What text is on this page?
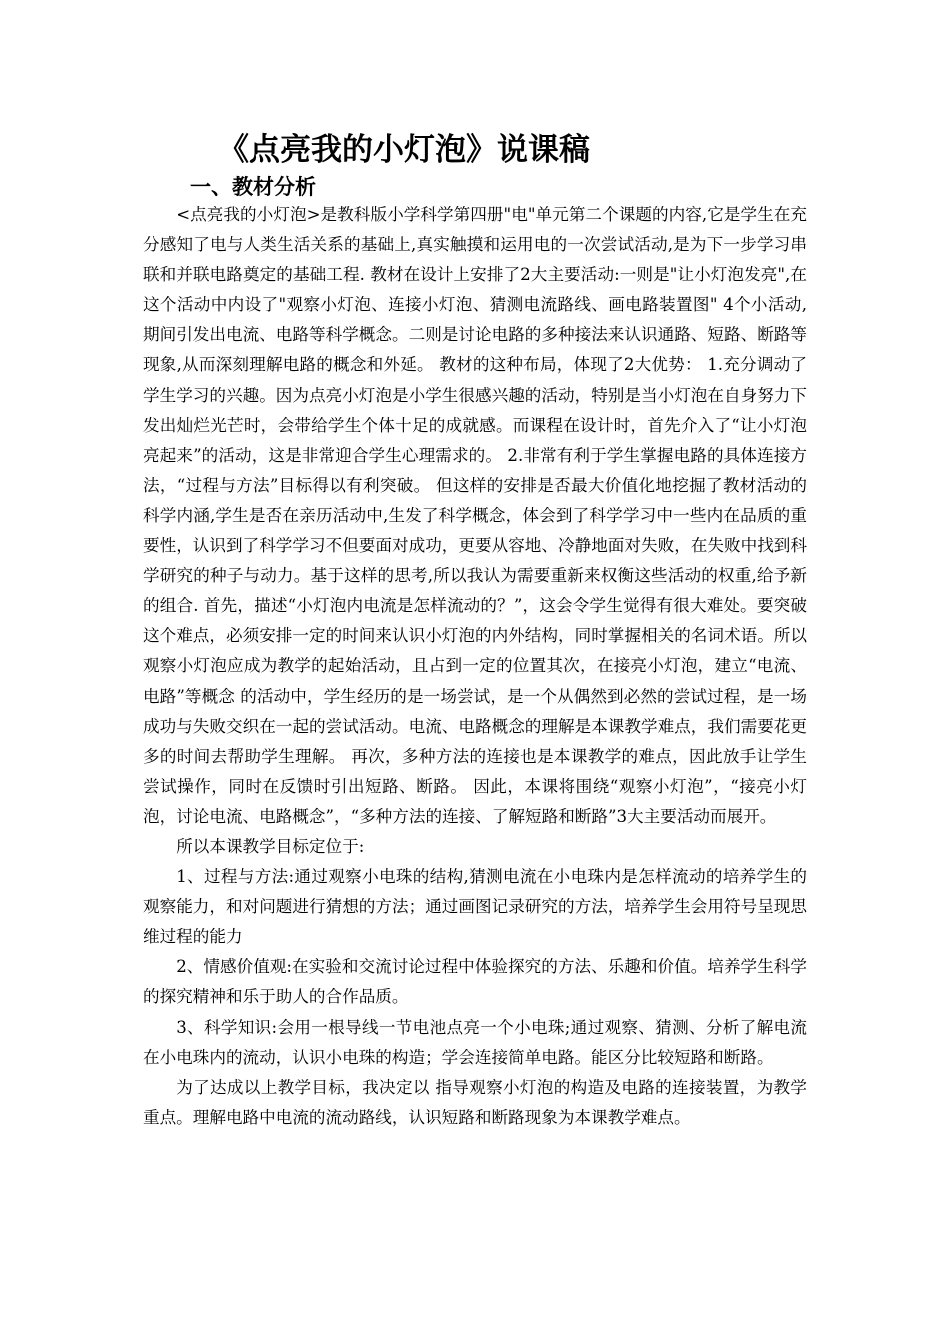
《点亮我的小灯泡》说课稿
一、教材分析

<点亮我的小灯泡>是教科版小学科学第四册"电"单元第二个课题的内容,它是学生在充分感知了电与人类生活关系的基础上,真实触摸和运用电的一次尝试活动,是为下一步学习串联和并联电路奠定的基础工程. 教材在设计上安排了2大主要活动:一则是"让小灯泡发亮",在这个活动中内设了"观察小灯泡、连接小灯泡、猜测电流路线、画电路装置图" 4个小活动,期间引发出电流、电路等科学概念。二则是讨论电路的多种接法来认识通路、短路、断路等现象,从而深刻理解电路的概念和外延。 教材的这种布局，体现了2大优势： 1.充分调动了学生学习的兴趣。因为点亮小灯泡是小学生很感兴趣的活动，特别是当小灯泡在自身努力下发出灿烂光芒时，会带给学生个体十足的成就感。而课程在设计时，首先介入了“让小灯泡亮起来”的活动，这是非常迎合学生心理需求的。 2.非常有利于学生掌握电路的具体连接方法，“过程与方法”目标得以有利突破。 但这样的安排是否最大价值化地挖掘了教材活动的科学内涵,学生是否在亲历活动中,生发了科学概念，体会到了科学学习中一些内在品质的重要性，认识到了科学学习不但要面对成功，更要从容地、冷静地面对失败，在失败中找到科学研究的种子与动力。基于这样的思考,所以我认为需要重新来权衡这些活动的权重,给予新的组合. 首先，描述“小灯泡内电流是怎样流动的？”，这会令学生觉得有很大难处。要突破这个难点，必须安排一定的时间来认识小灯泡的内外结构，同时掌握相关的名词术语。所以观察小灯泡应成为教学的起始活动，且占到一定的位置其次，在接亮小灯泡，建立“电流、电路”等概念 的活动中，学生经历的是一场尝试，是一个从偶然到必然的尝试过程，是一场成功与失败交织在一起的尝试活动。电流、电路概念的理解是本课教学难点，我们需要花更多的时间去帮助学生理解。 再次，多种方法的连接也是本课教学的难点，因此放手让学生尝试操作，同时在反馈时引出短路、断路。 因此，本课将围绕“观察小灯泡”，“接亮小灯泡，讨论电流、电路概念”，“多种方法的连接、了解短路和断路”3大主要活动而展开。

所以本课教学目标定位于:

1、过程与方法:通过观察小电珠的结构,猜测电流在小电珠内是怎样流动的培养学生的观察能力，和对问题进行猜想的方法；通过画图记录研究的方法，培养学生会用符号呈现思维过程的能力

2、情感价值观:在实验和交流讨论过程中体验探究的方法、乐趣和价值。培养学生科学的探究精神和乐于助人的合作品质。

3、科学知识:会用一根导线一节电池点亮一个小电珠;通过观察、猜测、分析了解电流在小电珠内的流动，认识小电珠的构造；学会连接简单电路。能区分比较短路和断路。

为了达成以上教学目标，我决定以 指导观察小灯泡的构造及电路的连接装置，为教学重点。理解电路中电流的流动路线，认识短路和断路现象为本课教学难点。
